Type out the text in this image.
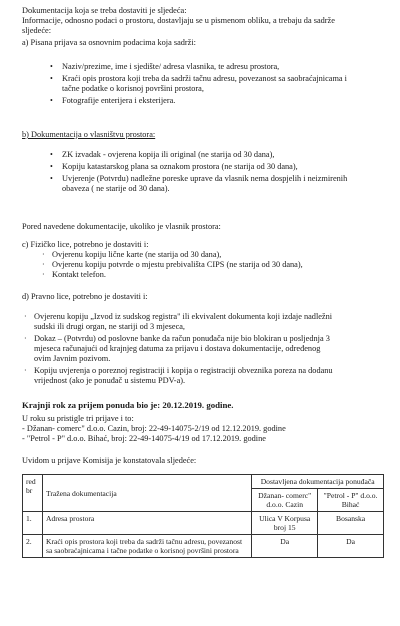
Dokumentacija koja se treba dostaviti je sljedeća:
Informacije, odnosno podaci o prostoru, dostavljaju se u pismenom obliku, a trebaju da sadrže
sljedeće:
a) Pisana prijava sa osnovnim podacima koja sadrži:
• Naziv/prezime, ime i sjedište/ adresa vlasnika, te adresu prostora,
• Kraći opis prostora koji treba da sadrži tačnu adresu, povezanost sa saobraćajnicama i
tačne podatke o korisnoj površini prostora,
• Fotografije enterijera i eksterijera.
b) Dokumentacija o vlasništvu prostora:
• ZK izvadak - ovjerena kopija ili original (ne starija od 30 dana),
• Kopiju katastarskog plana sa oznakom prostora (ne starija od 30 dana),
• Uvjerenje (Potvrdu) nadležne poreske uprave da vlasnik nema dospjelih i neizmirenih
obaveza ( ne starije od 30 dana).
Pored navedene dokumentacije, ukoliko je vlasnik prostora:
c) Fizičko lice, potrebno je dostaviti i:
· Ovjerenu kopiju lične karte (ne starija od 30 dana),
· Ovjerenu kopiju potvrde o mjestu prebivališta CIPS (ne starija od 30 dana),
· Kontakt telefon.
d) Pravno lice, potrebno je dostaviti i:
· Ovjerenu kopiju „Izvod iz sudskog registra" ili ekvivalent dokumenta koji izdaje nadležni
sudski ili drugi organ, ne stariji od 3 mjeseca,
· Dokaz – (Potvrdu) od poslovne banke da račun ponuđača nije bio blokiran u posljednja 3
mjeseca računajući od krajnjeg datuma za prijavu i dostava dokumentacije, određenog
ovim Javnim pozivom.
· Kopiju uvjerenja o poreznoj registraciji i kopija o registraciji obveznika poreza na dodanu
vrijednost (ako je ponuđač u sistemu PDV-a).
Krajnji rok za prijem ponuda bio je: 20.12.2019. godine.
U roku su pristigle tri prijave i to:
- Džanan- comerc" d.o.o. Cazin, broj: 22-49-14075-2/19 od 12.12.2019. godine
- "Petrol - P" d.o.o. Bihać, broj: 22-49-14075-4/19 od 17.12.2019. godine
Uvidom u prijave Komisija je konstatovala sljedeće:
red br	Tražena dokumentacija	Dostavljena dokumentacija ponuđača	
		Džanan- comerc" d.o.o. Cazin	"Petrol - P" d.o.o. Bihać
1.	Adresa prostora	Ulica V Korpusa broj 15	Bosanska
2.	Kraći opis prostora koji treba da sadrži tačnu adresu, povezanost sa saobraćajnicama i tačne podatke o korisnoj površini prostora	Da	Da
